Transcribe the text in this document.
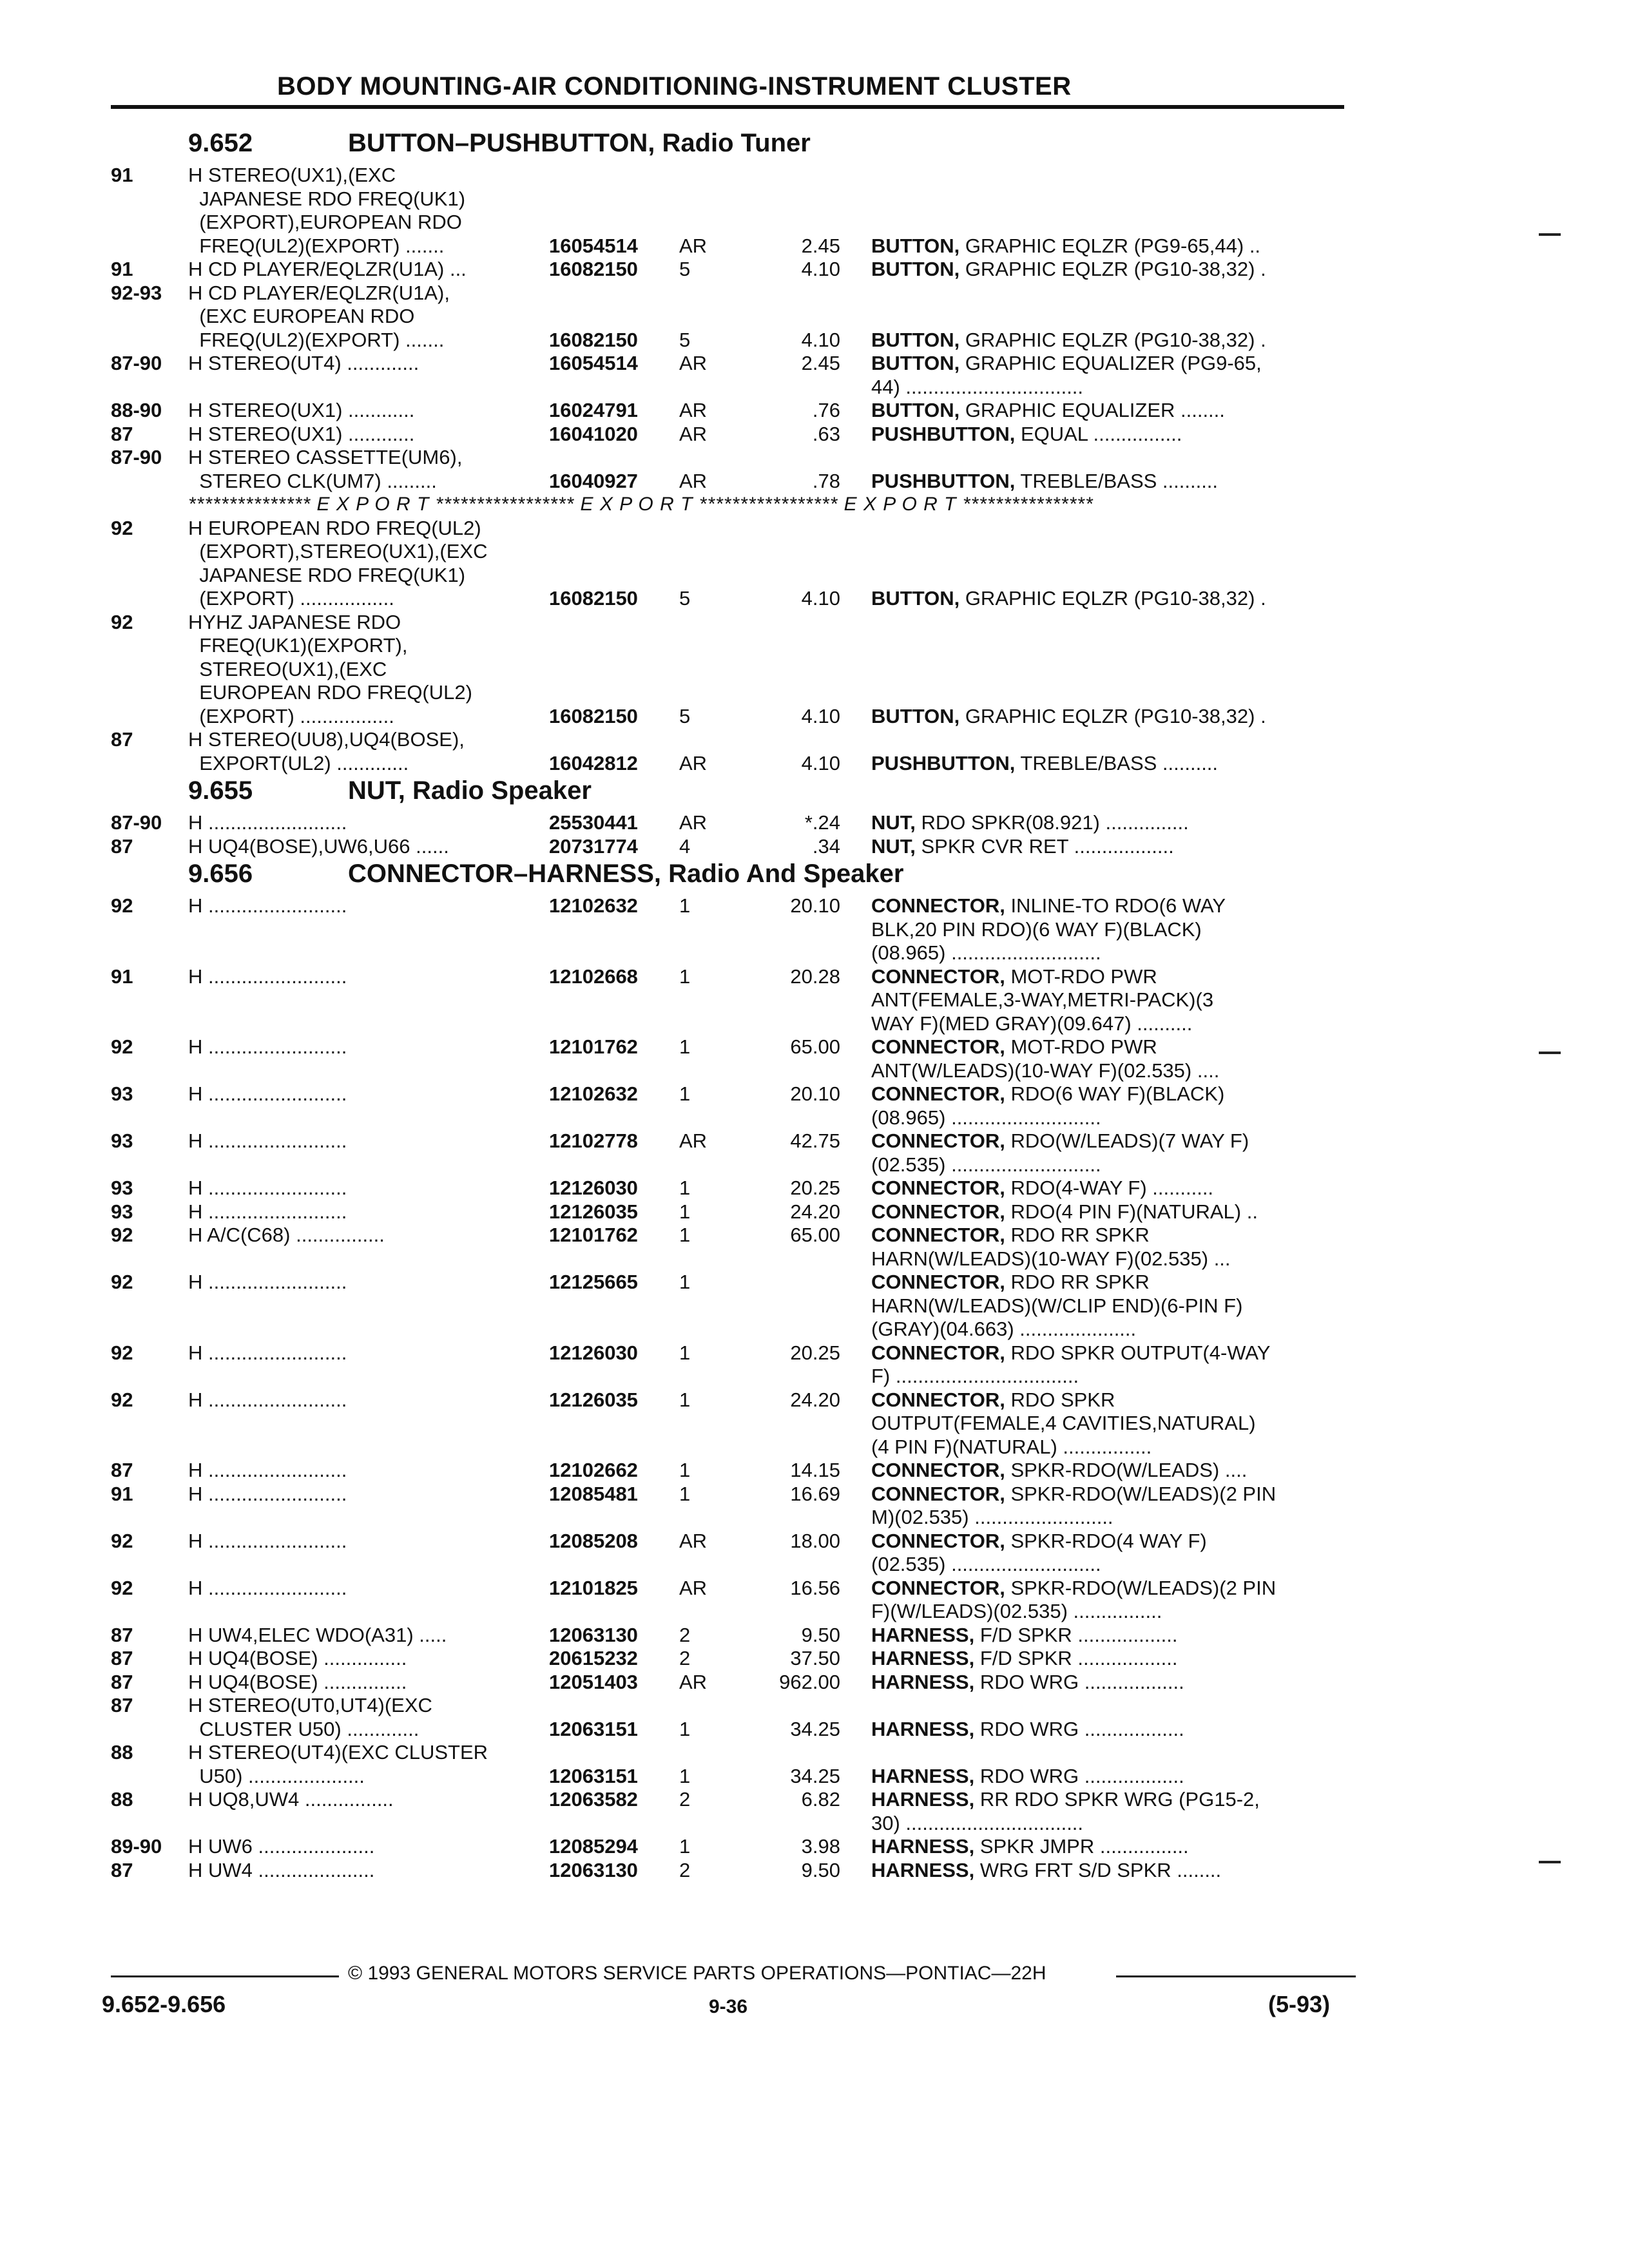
BODY MOUNTING-AIR CONDITIONING-INSTRUMENT CLUSTER
9.652	BUTTON–PUSHBUTTON, Radio Tuner
91	H STEREO(UX1),(EXC
JAPANESE RDO FREQ(UK1)
(EXPORT),EUROPEAN RDO
FREQ(UL2)(EXPORT) .......	16054514 AR	2.45 BUTTON, GRAPHIC EQLZR (PG9-65,44) ..
91	H CD PLAYER/EQLZR(U1A) ...	16082150 5	4.10 BUTTON, GRAPHIC EQLZR (PG10-38,32) .
92-93 H CD PLAYER/EQLZR(U1A),
(EXC EUROPEAN RDO
FREQ(UL2)(EXPORT) .......	16082150 5	4.10 BUTTON, GRAPHIC EQLZR (PG10-38,32) .
87-90 H STEREO(UT4) .............	16054514 AR	2.45 BUTTON, GRAPHIC EQUALIZER (PG9-65,
44) ................................
88-90 H STEREO(UX1) ............	16024791 AR	.76 BUTTON, GRAPHIC EQUALIZER ........
87	H STEREO(UX1) ............	16041020 AR	.63 PUSHBUTTON, EQUAL ................
87-90 H STEREO CASSETTE(UM6),
STEREO CLK(UM7) .........	16040927 AR	.78 PUSHBUTTON, TREBLE/BASS ..........
*************** E X P O R T ***************** E X P O R T ***************** E X P O R T ****************
92	H EUROPEAN RDO FREQ(UL2)
(EXPORT),STEREO(UX1),(EXC
JAPANESE RDO FREQ(UK1)
(EXPORT) .................	16082150 5	4.10 BUTTON, GRAPHIC EQLZR (PG10-38,32) .
92	HYHZ JAPANESE RDO
FREQ(UK1)(EXPORT),
STEREO(UX1),(EXC
EUROPEAN RDO FREQ(UL2)
(EXPORT) .................	16082150 5	4.10 BUTTON, GRAPHIC EQLZR (PG10-38,32) .
87	H STEREO(UU8),UQ4(BOSE),
EXPORT(UL2) .............	16042812 AR	4.10 PUSHBUTTON, TREBLE/BASS ..........
9.655	NUT, Radio Speaker
87-90 H .........................	25530441 AR	*.24 NUT, RDO SPKR(08.921) ...............
87	H UQ4(BOSE),UW6,U66 ......	20731774 4	.34 NUT, SPKR CVR RET ..................
9.656	CONNECTOR–HARNESS, Radio And Speaker
92	H .........................	12102632 1	20.10 CONNECTOR, INLINE-TO RDO(6 WAY
BLK,20 PIN RDO)(6 WAY F)(BLACK)
(08.965) ...........................
91	H .........................	12102668 1	20.28 CONNECTOR, MOT-RDO PWR
ANT(FEMALE,3-WAY,METRI-PACK)(3
WAY F)(MED GRAY)(09.647) ..........
92	H .........................	12101762 1	65.00 CONNECTOR, MOT-RDO PWR
ANT(W/LEADS)(10-WAY F)(02.535) ....
93	H .........................	12102632 1	20.10 CONNECTOR, RDO(6 WAY F)(BLACK)
(08.965) ...........................
93	H .........................	12102778 AR	42.75 CONNECTOR, RDO(W/LEADS)(7 WAY F)
(02.535) ...........................
93	H .........................	12126030 1	20.25 CONNECTOR, RDO(4-WAY F) ...........
93	H .........................	12126035 1	24.20 CONNECTOR, RDO(4 PIN F)(NATURAL) ..
92	H A/C(C68) ................	12101762 1	65.00 CONNECTOR, RDO RR SPKR
HARN(W/LEADS)(10-WAY F)(02.535) ...
92	H .........................	12125665 1	CONNECTOR, RDO RR SPKR
HARN(W/LEADS)(W/CLIP END)(6-PIN F)
(GRAY)(04.663) .....................
92	H .........................	12126030 1	20.25 CONNECTOR, RDO SPKR OUTPUT(4-WAY
F) .................................
92	H .........................	12126035 1	24.20 CONNECTOR, RDO SPKR
OUTPUT(FEMALE,4 CAVITIES,NATURAL)
(4 PIN F)(NATURAL) ................
87	H .........................	12102662 1	14.15 CONNECTOR, SPKR-RDO(W/LEADS) ....
91	H .........................	12085481 1	16.69 CONNECTOR, SPKR-RDO(W/LEADS)(2 PIN
M)(02.535) .........................
92	H .........................	12085208 AR	18.00 CONNECTOR, SPKR-RDO(4 WAY F)
(02.535) ...........................
92	H .........................	12101825 AR	16.56 CONNECTOR, SPKR-RDO(W/LEADS)(2 PIN
F)(W/LEADS)(02.535) ................
87	H UW4,ELEC WDO(A31) .....	12063130 2	9.50 HARNESS, F/D SPKR ..................
87	H UQ4(BOSE) ...............	20615232 2	37.50 HARNESS, F/D SPKR ..................
87	H UQ4(BOSE) ...............	12051403 AR	962.00 HARNESS, RDO WRG ..................
87	H STEREO(UT0,UT4)(EXC
CLUSTER U50) .............	12063151 1	34.25 HARNESS, RDO WRG ..................
88	H STEREO(UT4)(EXC CLUSTER
U50) .....................	12063151 1	34.25 HARNESS, RDO WRG ..................
88	H UQ8,UW4 ................	12063582 2	6.82 HARNESS, RR RDO SPKR WRG (PG15-2,
30) ................................
89-90 H UW6 .....................	12085294 1	3.98 HARNESS, SPKR JMPR ................
87	H UW4 .....................	12063130 2	9.50 HARNESS, WRG FRT S/D SPKR ........
© 1993 GENERAL MOTORS SERVICE PARTS OPERATIONS—PONTIAC—22H
9.652-9.656	9-36	(5-93)
